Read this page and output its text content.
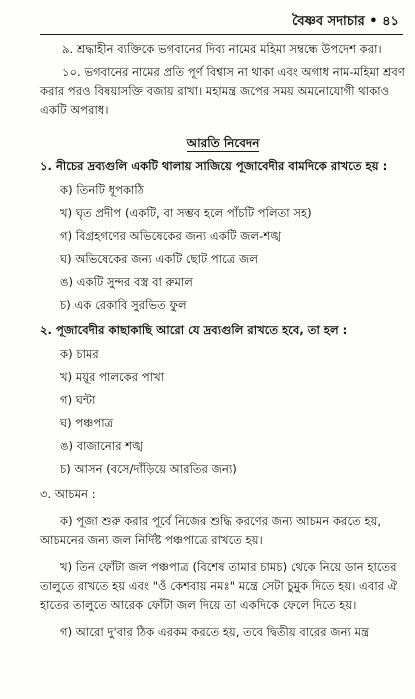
বৈষ্ণব সদাচার • ৪১

৯. শ্রদ্ধাহীন ব্যক্তিকে ভগবানের দিব্য নামের মহিমা সম্বন্ধে উপদেশ করা।

১০. ভগবানের নামের প্রতি পূর্ণ বিশ্বাস না থাকা এবং অগাধ নাম-মহিমা শ্রবণ করার পরও বিষয়াসক্তি বজায় রাখা। মহামন্ত্র জপের সময় অমনোযোগী থাকাও একটি অপরাধ।

আরতি নিবেদন

১. নীচের দ্রব্যগুলি একটি থালায় সাজিয়ে পূজাবেদীর বামদিকে রাখতে হয় :

ক) তিনটি ধূপকাঠি
খ) ঘৃত প্রদীপ (একটি, বা সম্ভব হলে পাঁচটি পলিতা সহ)
গ) বিগ্রহগণের অভিষেকের জন্য একটি জল-শঙ্খ
ঘ) অভিষেকের জন্য একটি ছোট পাত্রে জল
ঙ) একটি সুন্দর বস্ত্র বা রুমাল
চ) এক রেকাবি সুরভিত ফুল

২. পূজাবেদীর কাছাকাছি আরো যে দ্রব্যগুলি রাখতে হবে, তা হল :

ক) চামর
খ) ময়ূর পালকের পাখা
গ) ঘন্টা
ঘ) পঞ্চপাত্র
ঙ) বাজানোর শঙ্খ
চ) আসন (বসে/দাঁড়িয়ে আরতির জন্য)

৩. আচমন :

ক) পূজা শুরু করার পূর্বে নিজের শুদ্ধি করণের জন্য আচমন করতে হয়, আচমনের জন্য জল নির্দিষ্ট পঞ্চপাত্রে রাখতে হয়।

খ) তিন ফোঁটা জল পঞ্চপাত্র (বিশেষ তামার চামচ) থেকে নিয়ে ডান হাতের তালুতে রাখতে হয় এবং "ওঁ কেশবায় নমঃ" মন্ত্রে সেটা চুমুক দিতে হয়। এবার ঐ হাতের তালুতে আরেক ফোঁটা জল দিয়ে তা একদিকে ফেলে দিতে হয়।

গ) আরো দু'বার ঠিক এরকম করতে হয়, তবে দ্বিতীয় বারের জন্য মন্ত্র
